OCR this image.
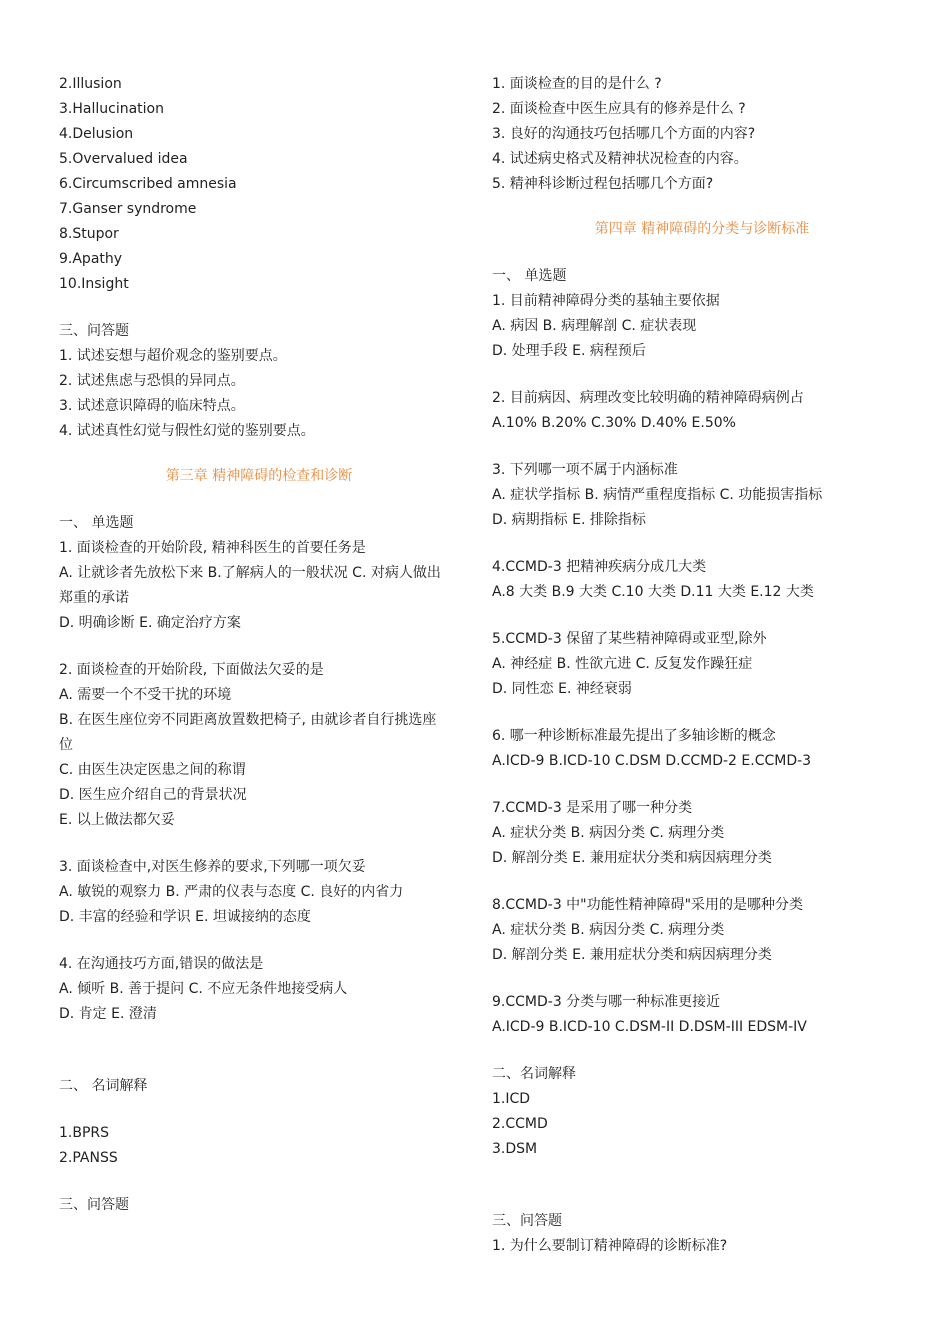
2.Illusion
3.Hallucination
4.Delusion
5.Overvalued idea
6.Circumscribed amnesia
7.Ganser syndrome
8.Stupor
9.Apathy
10.Insight
三、问答题
1. 试述妄想与超价观念的鉴别要点。
2. 试述焦虑与恐惧的异同点。
3. 试述意识障碍的临床特点。
4. 试述真性幻觉与假性幻觉的鉴别要点。
第三章 精神障碍的检查和诊断
一、 单选题
1. 面谈检查的开始阶段, 精神科医生的首要任务是
A. 让就诊者先放松下来 B.了解病人的一般状况 C. 对病人做出
郑重的承诺
D. 明确诊断 E. 确定治疗方案
2. 面谈检查的开始阶段, 下面做法欠妥的是
A. 需要一个不受干扰的环境
B. 在医生座位旁不同距离放置数把椅子, 由就诊者自行挑选座
位
C. 由医生决定医患之间的称谓
D. 医生应介绍自己的背景状况
E. 以上做法都欠妥
3. 面谈检查中,对医生修养的要求,下列哪一项欠妥
A. 敏锐的观察力 B. 严肃的仪表与态度 C. 良好的内省力
D. 丰富的经验和学识 E. 坦诚接纳的态度
4. 在沟通技巧方面,错误的做法是
A. 倾听 B. 善于提问 C. 不应无条件地接受病人
D. 肯定 E. 澄清
二、 名词解释
1.BPRS
2.PANSS
三、问答题
1. 面谈检查的目的是什么 ?
2. 面谈检查中医生应具有的修养是什么 ?
3. 良好的沟通技巧包括哪几个方面的内容?
4. 试述病史格式及精神状况检查的内容。
5. 精神科诊断过程包括哪几个方面?
第四章 精神障碍的分类与诊断标准
一、 单选题
1. 目前精神障碍分类的基轴主要依据
A. 病因 B. 病理解剖 C. 症状表现
D. 处理手段 E. 病程预后
2. 目前病因、病理改变比较明确的精神障碍病例占
A.10% B.20% C.30% D.40% E.50%
3. 下列哪一项不属于内涵标准
A. 症状学指标 B. 病情严重程度指标 C. 功能损害指标
D. 病期指标 E. 排除指标
4.CCMD-3 把精神疾病分成几大类
A.8 大类 B.9 大类 C.10 大类 D.11 大类 E.12 大类
5.CCMD-3 保留了某些精神障碍或亚型,除外
A. 神经症 B. 性欲亢进 C. 反复发作躁狂症
D. 同性恋 E. 神经衰弱
6. 哪一种诊断标准最先提出了多轴诊断的概念
A.ICD-9 B.ICD-10 C.DSM D.CCMD-2 E.CCMD-3
7.CCMD-3 是采用了哪一种分类
A. 症状分类 B. 病因分类 C. 病理分类
D. 解剖分类 E. 兼用症状分类和病因病理分类
8.CCMD-3 中"功能性精神障碍"采用的是哪种分类
A. 症状分类 B. 病因分类 C. 病理分类
D. 解剖分类 E. 兼用症状分类和病因病理分类
9.CCMD-3 分类与哪一种标准更接近
A.ICD-9 B.ICD-10 C.DSM-II D.DSM-III EDSM-IV
二、名词解释
1.ICD
2.CCMD
3.DSM
三、问答题
1. 为什么要制订精神障碍的诊断标准?
